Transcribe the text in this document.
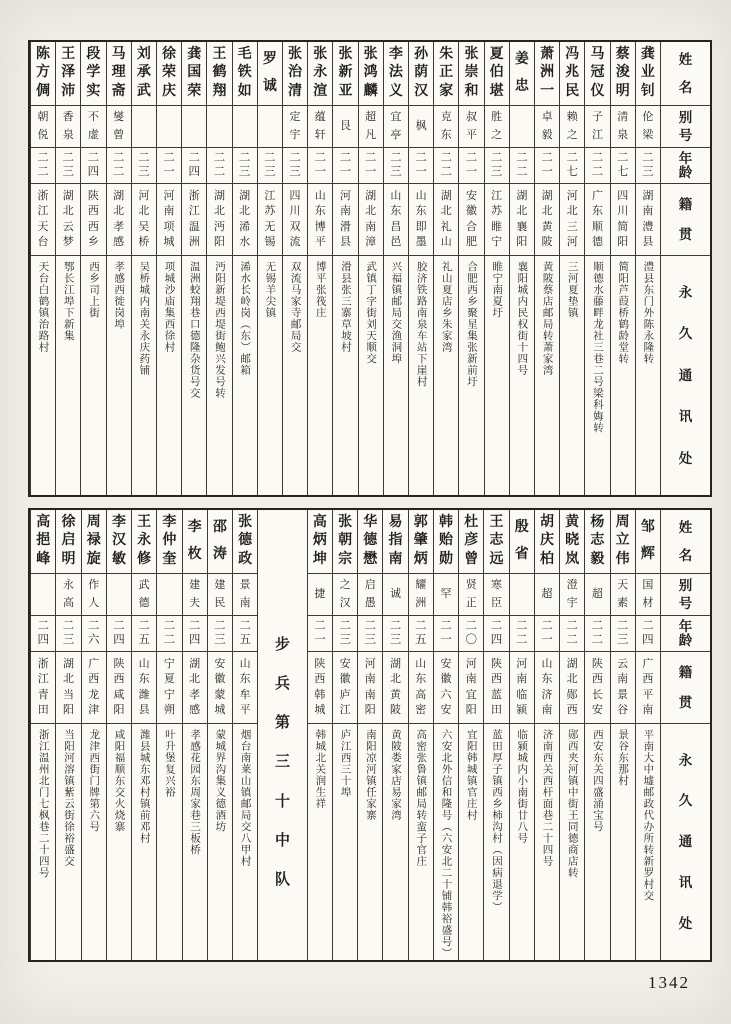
姓
名
别
号
年
龄
籍
贯
永
久
通
讯
处
龚
业
钊
伦
梁
二
三
湖
南
澧
县
澧县东门外陈永隆转
蔡
浚
明
清
泉
二
七
四
川
简
阳
简阳芦葭桥鹤龄堂转
马
冠
仪
子
江
二
二
广
东
顺
德
顺德水藤畔龙社三巷二号梁科娒转
冯
兆
民
赖
之
二
七
河
北
三
河
三河夏垫镇
萧
洲
一
卓
毅
二
一
湖
北
黄
陂
黄陂蔡店邮局转萧家湾
姜
忠
二
二
湖
北
襄
阳
襄阳城内民权街十四号
夏
伯
堪
胜
之
二
三
江
苏
睢
宁
睢宁南夏圩
张
崇
和
叔
平
二
一
安
徽
合
肥
合肥西乡聚星集张新前圩
朱
正
家
克
东
二
二
湖
北
礼
山
礼山夏店乡朱家湾
孙
荫
汉
枫
二
一
山
东
即
墨
胶济铁路南泉车站下崖村
李
法
义
宜
亭
二
三
山
东
昌
邑
兴福镇邮局交渔洞埠
张
鸿
麟
超
凡
二
一
湖
北
南
漳
武镇丁字街刘天顺交
张
新
亚
艮
二
一
河
南
滑
县
滑县张三寨草坡村
张
永
渲
蕴
轩
二
一
山
东
博
平
博平张筏庄
张
治
清
定
宇
二
三
四
川
双
流
双流马家寺邮局交
罗
诚
二
三
江
苏
无
锡
无锡羊尖镇
毛
铁
如
二
三
湖
北
浠
水
浠水长岭岗（东）邮箱
王
鹤
翔
二
二
湖
北
沔
阳
沔阳新堤西堤街鲍兴发号转
龚
国
荣
二
四
浙
江
温
洲
温洲蛟翔巷口德隆杂货号交
徐
荣
庆
二
一
河
南
项
城
项城沙庙集西徐村
刘
承
武
二
三
河
北
吴
桥
吴桥城内南关永庆药铺
马
理
斋
燮
曾
二
二
湖
北
孝
感
孝感西徙岗埠
段
学
实
不
虚
二
四
陕
西
西
乡
西乡司上街
王
泽
沛
香
泉
二
三
湖
北
云
梦
鄂长江埠下新集
陈
方
倜
朝
侻
二
二
浙
江
天
台
天台白鹤镇治路村
姓
名
别
号
年
龄
籍
贯
永
久
通
讯
处
邹
辉
国
材
二
四
广
西
平
南
平南大中墟邮政代办所转新罗村交
周
立
伟
天
素
二
三
云
南
景
谷
景谷东那村
杨
志
毅
超
二
二
陕
西
长
安
西安东关四盛涌宝号
黄
晓
岚
澄
宇
二
二
湖
北
郧
西
郧西夹河镇中街王同德商店转
胡
庆
柏
超
二
一
山
东
济
南
济南西关西杆面巷二十四号
殷
省
二
二
河
南
临
颍
临颍城内小南街廿八号
王
志
远
寒
臣
二
四
陕
西
蓝
田
蓝田厚子镇西乡柿沟村（因病退学）
杜
彦
曾
贤
正
二
〇
河
南
宜
阳
宜阳韩城镇官庄村
韩
贻
勋
罕
二
一
安
徽
六
安
六安北外信和隆号（六安北二十铺韩裕盛号）
郭
肇
炳
耀
洲
二
五
山
东
高
密
高密张鲁镇邮局转蛮子官庄
易
指
南
诚
二
三
湖
北
黄
陂
黄陂娄家店易家湾
华
德
懋
启
愚
二
三
河
南
南
阳
南阳凉河镇任家寨
张
朝
宗
之
汉
二
三
安
徽
庐
江
庐江西三十埠
高
炳
坤
捷
二
一
陕
西
韩
城
韩城北关润生祥
步
兵
第
三
十
中
队
张
德
政
景
南
二
五
山
东
牟
平
烟台南莱山镇邮局交八甲村
邵
涛
建
民
二
三
安
徽
蒙
城
蒙城界沟集义德酒坊
李
枚
建
夫
二
四
湖
北
孝
感
孝感花园东周家巷三板桥
李
仲
奎
二
二
宁
夏
宁
朔
叶升堡复兴裕
王
永
修
武
德
二
五
山
东
潍
县
潍县城东邓村镇前邓村
李
汉
敏
二
四
陕
西
咸
阳
咸阳福顺东交火烧寨
周
禄
旋
作
人
二
六
广
西
龙
津
龙津西街门牌第六号
徐
启
明
永
高
二
三
湖
北
当
阳
当阳河溶镇紫云街徐裕盛交
高
挹
峰
二
四
浙
江
青
田
浙江温州北门七枫巷二十四号
1342
